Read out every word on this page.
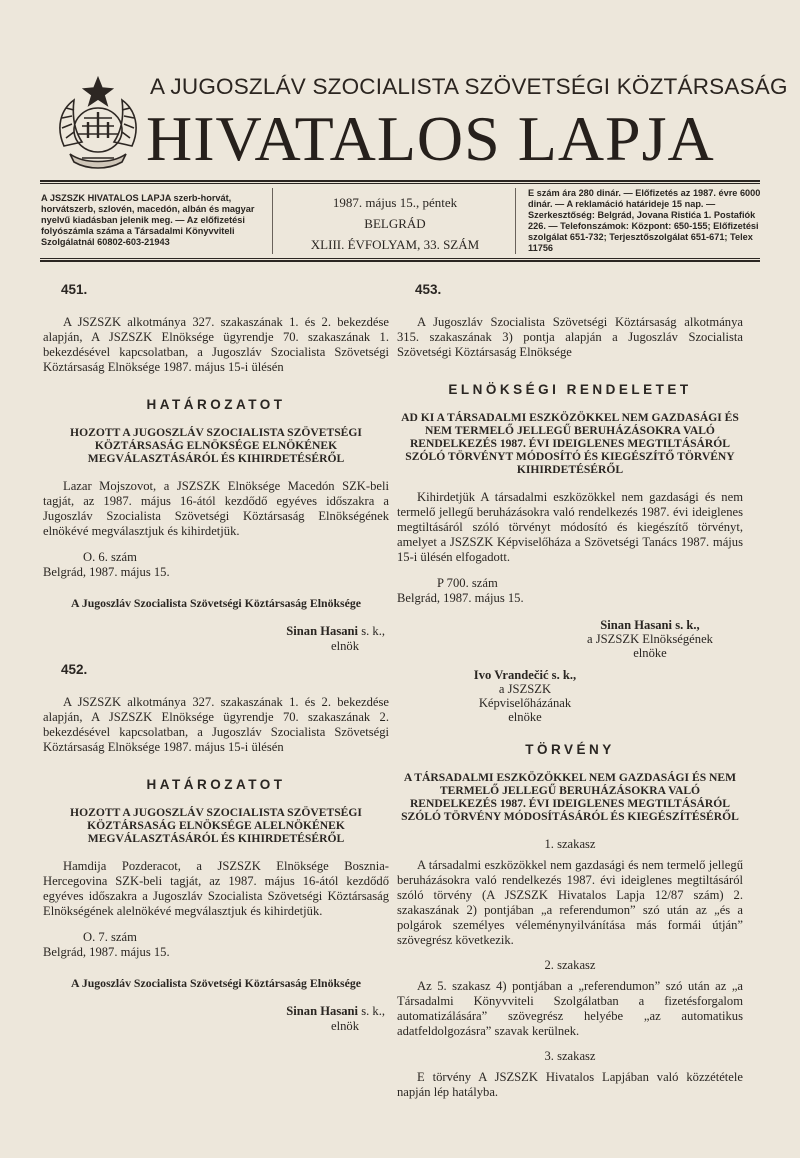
A JUGOSZLÁV SZOCIALISTA SZÖVETSÉGI KÖZTÁRSASÁG
HIVATALOS LAPJA
A JSZSZK HIVATALOS LAPJA szerb-horvát, horvátszerb, szlovén, macedón, albán és magyar nyelvű kiadásban jelenik meg. — Az előfizetési folyószámla száma a Társadalmi Könyvviteli Szolgálatnál 60802-603-21943
1987. május 15., péntek
BELGRÁD
XLIII. ÉVFOLYAM, 33. SZÁM
E szám ára 280 dinár. — Előfizetés az 1987. évre 6000 dinár. — A reklamáció határideje 15 nap. — Szerkesztőség: Belgrád, Jovana Ristića 1. Postafiók 226. — Telefonszámok: Központ: 650-155; Előfizetési szolgálat 651-732; Terjesztőszolgálat 651-671; Telex 11756
451.

A JSZSZK alkotmánya 327. szakaszának 1. és 2. bekezdése alapján, A JSZSZK Elnöksége ügyrendje 70. szakaszának 1. bekezdésével kapcsolatban, a Jugoszláv Szocialista Szövetségi Köztársaság Elnöksége 1987. május 15-i ülésén

HATÁROZATOT
HOZOTT A JUGOSZLÁV SZOCIALISTA SZÖVETSÉGI KÖZTÁRSASÁG ELNÖKSÉGE ELNÖKÉNEK MEGVÁLASZTÁSÁRÓL ÉS KIHIRDETÉSÉRŐL

Lazar Mojszovot, a JSZSZK Elnöksége Macedón SZK-beli tagját, az 1987. május 16-ától kezdődő egyéves időszakra a Jugoszláv Szocialista Szövetségi Köztársaság Elnökségének elnökévé megválasztjuk és kihirdetjük.

O. 6. szám

Belgrád, 1987. május 15.

A Jugoszláv Szocialista Szövetségi Köztársaság Elnöksége
Sinan Hasani s. k.,
elnök
452.

A JSZSZK alkotmánya 327. szakaszának 1. és 2. bekezdése alapján, A JSZSZK Elnöksége ügyrendje 70. szakaszának 2. bekezdésével kapcsolatban, a Jugoszláv Szocialista Szövetségi Köztársaság Elnöksége 1987. május 15-i ülésén

HATÁROZATOT
HOZOTT A JUGOSZLÁV SZOCIALISTA SZÖVETSÉGI KÖZTÁRSASÁG ELNÖKSÉGE ALELNÖKÉNEK MEGVÁLASZTÁSÁRÓL ÉS KIHIRDETÉSÉRŐL

Hamdija Pozderacot, a JSZSZK Elnöksége Bosznia-Hercegovina SZK-beli tagját, az 1987. május 16-ától kezdődő egyéves időszakra a Jugoszláv Szocialista Szövetségi Köztársaság Elnökségének alelnökévé megválasztjuk és kihirdetjük.

O. 7. szám

Belgrád, 1987. május 15.

A Jugoszláv Szocialista Szövetségi Köztársaság Elnöksége
Sinan Hasani s. k.,
elnök
453.

A Jugoszláv Szocialista Szövetségi Köztársaság alkotmánya 315. szakaszának 3) pontja alapján a Jugoszláv Szocialista Szövetségi Köztársaság Elnöksége

ELNÖKSÉGI RENDELETET
AD KI A TÁRSADALMI ESZKÖZÖKKEL NEM GAZDASÁGI ÉS NEM TERMELŐ JELLEGŰ BERUHÁZÁSOKRA VALÓ RENDELKEZÉS 1987. ÉVI IDEIGLENES MEGTILTÁSÁRÓL SZÓLÓ TÖRVÉNYT MÓDOSÍTÓ ÉS KIEGÉSZÍTŐ TÖRVÉNY KIHIRDETÉSÉRŐL

Kihirdetjük A társadalmi eszközökkel nem gazdasági és nem termelő jellegű beruházásokra való rendelkezés 1987. évi ideiglenes megtiltásáról szóló törvényt módosító és kiegészítő törvényt, amelyet a JSZSZK Képviselőháza a Szövetségi Tanács 1987. május 15-i ülésén elfogadott.

P 700. szám

Belgrád, 1987. május 15.

Sinan Hasani s. k.,
a JSZSZK Elnökségének
elnöke
Ivo Vrandečić s. k.,
a JSZSZK Képviselőházának
elnöke
TÖRVÉNY
A TÁRSADALMI ESZKÖZÖKKEL NEM GAZDASÁGI ÉS NEM TERMELŐ JELLEGŰ BERUHÁZÁSOKRA VALÓ RENDELKEZÉS 1987. ÉVI IDEIGLENES MEGTILTÁSÁRÓL SZÓLÓ TÖRVÉNY MÓDOSÍTÁSÁRÓL ÉS KIEGÉSZÍTÉSÉRŐL
1. szakasz

A társadalmi eszközökkel nem gazdasági és nem termelő jellegű beruházásokra való rendelkezés 1987. évi ideiglenes megtiltásáról szóló törvény (A JSZSZK Hivatalos Lapja 12/87 szám) 2. szakaszának 2) pontjában „a referendumon” szó után az „és a polgárok személyes véleménynyilvánítása más formái útján” szövegrész következik.

2. szakasz

Az 5. szakasz 4) pontjában a „referendumon” szó után az „a Társadalmi Könyvviteli Szolgálatban a fizetésforgalom automatizálására” szövegrész helyébe „az automatikus adatfeldolgozásra” szavak kerülnek.

3. szakasz

E törvény A JSZSZK Hivatalos Lapjában való közzététele napján lép hatályba.
